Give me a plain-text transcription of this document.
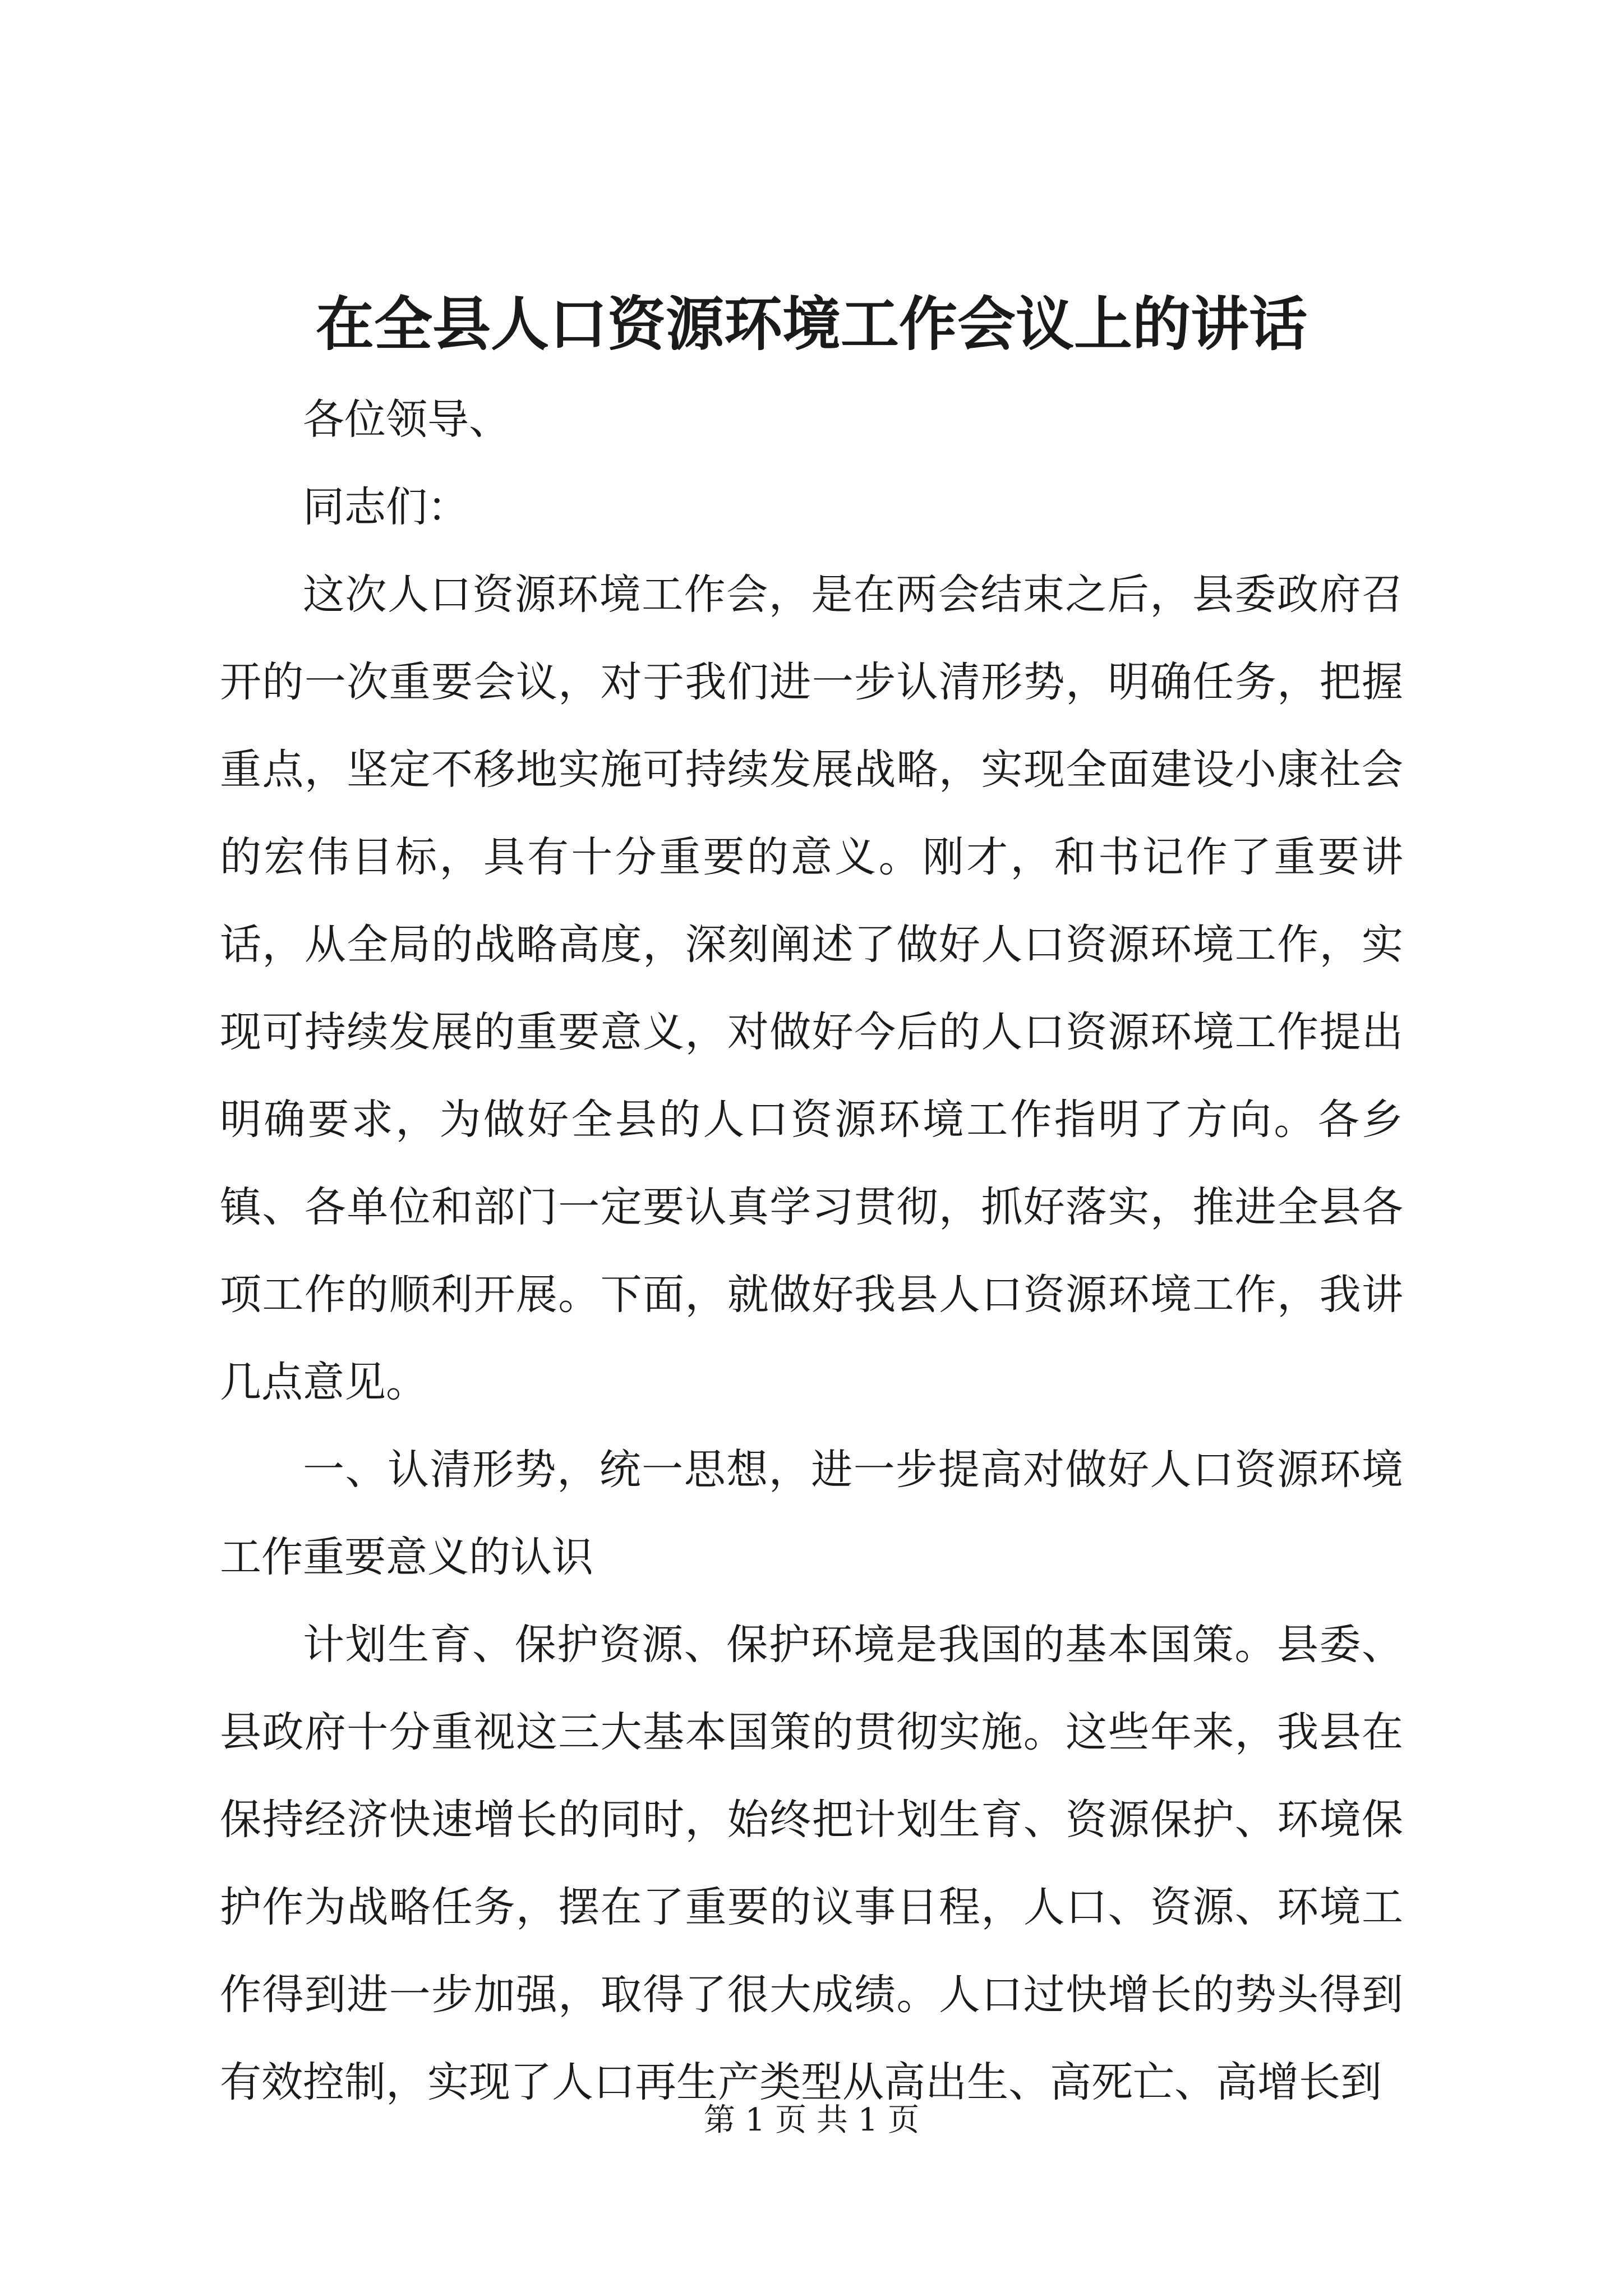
在全县人口资源环境工作会议上的讲话

各位领导、

同志们：

这次人口资源环境工作会，是在两会结束之后，县委政府召开的一次重要会议，对于我们进一步认清形势，明确任务，把握重点，坚定不移地实施可持续发展战略，实现全面建设小康社会的宏伟目标，具有十分重要的意义。刚才，和书记作了重要讲话，从全局的战略高度，深刻阐述了做好人口资源环境工作，实现可持续发展的重要意义，对做好今后的人口资源环境工作提出明确要求，为做好全县的人口资源环境工作指明了方向。各乡镇、各单位和部门一定要认真学习贯彻，抓好落实，推进全县各项工作的顺利开展。下面，就做好我县人口资源环境工作，我讲几点意见。

一、认清形势，统一思想，进一步提高对做好人口资源环境工作重要意义的认识

计划生育、保护资源、保护环境是我国的基本国策。县委、县政府十分重视这三大基本国策的贯彻实施。这些年来，我县在保持经济快速增长的同时，始终把计划生育、资源保护、环境保护作为战略任务，摆在了重要的议事日程，人口、资源、环境工作得到进一步加强，取得了很大成绩。人口过快增长的势头得到有效控制，实现了人口再生产类型从高出生、高死亡、高增长到

第 1 页 共 1 页
